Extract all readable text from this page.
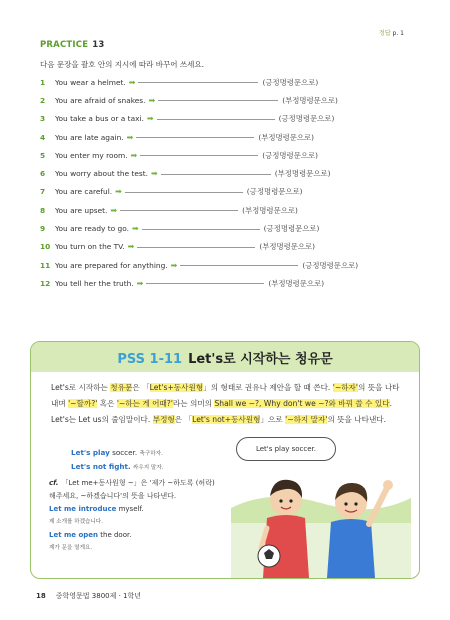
정답 p. 1
PRACTICE 13
다음 문장을 괄호 안의 지시에 따라 바꾸어 쓰세요.
1	You wear a helmet. ➡	(긍정명령문으로)
2	You are afraid of snakes. ➡	(부정명령문으로)
3	You take a bus or a taxi. ➡	(긍정명령문으로)
4	You are late again. ➡	(부정명령문으로)
5	You enter my room. ➡	(긍정명령문으로)
6	You worry about the test. ➡	(부정명령문으로)
7	You are careful. ➡	(긍정명령문으로)
8	You are upset. ➡	(부정명령문으로)
9	You are ready to go. ➡	(긍정명령문으로)
10 You turn on the TV. ➡	(부정명령문으로)
11 You are prepared for anything. ➡	(긍정명령문으로)
12 You tell her the truth. ➡	(부정명령문으로)
PSS 1-11 Let's로 시작하는 청유문
Let's로 시작하는 청유문은 「Let's+동사원형」의 형태로 권유나 제안을 할 때 쓴다. '~하자'의 뜻을 나타내며 '~할까?' 혹은 '~하는 게 어때?'라는 의미의 Shall we ~?, Why don't we ~?와 바꿔 쓸 수 있다. Let's는 Let us의 줄임말이다. 부정형은 「Let's not+동사원형」으로 '~하지 말자'의 뜻을 나타낸다.
Let's play soccer. 축구하자.
Let's not fight. 싸우지 말자.
cf. 「Let me+동사원형 ~」은 '제가 ~하도록 (허락)해주세요, ~하겠습니다'의 뜻을 나타낸다.
Let me introduce myself.
제 소개를 하겠습니다.
Let me open the door.
제가 문을 열게요.
Let's play soccer.
18 중학영문법 3800제 · 1학년
